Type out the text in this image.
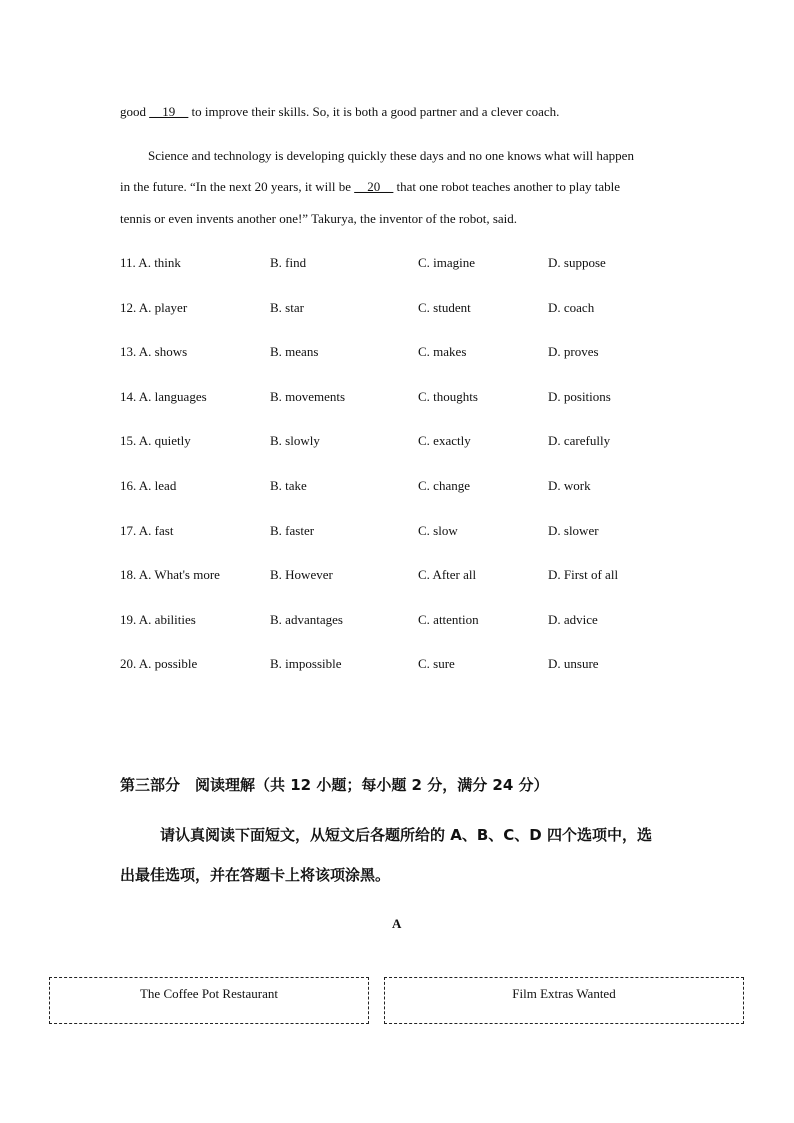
good __19__ to improve their skills. So, it is both a good partner and a clever coach.
Science and technology is developing quickly these days and no one knows what will happen
in the future. “In the next 20 years, it will be __20__ that one robot teaches another to play table
tennis or even invents another one!” Takurya, the inventor of the robot, said.
11. A. think	B. find	C. imagine	D. suppose
12. A. player	B. star	C. student	D. coach
13. A. shows	B. means	C. makes	D. proves
14. A. languages	B. movements	C. thoughts	D. positions
15. A. quietly	B. slowly	C. exactly	D. carefully
16. A. lead	B. take	C. change	D. work
17. A. fast	B. faster	C. slow	D. slower
18. A. What's more	B. However	C. After all	D. First of all
19. A. abilities	B. advantages	C. attention	D. advice
20. A. possible	B. impossible	C. sure	D. unsure
第三部分　阅读理解（共 12 小题；每小题 2 分，满分 24 分）
请认真阅读下面短文，从短文后各题所给的 A、B、C、D 四个选项中，选
出最佳选项，并在答题卡上将该项涂黑。
A
The Coffee Pot Restaurant	Film Extras Wanted
